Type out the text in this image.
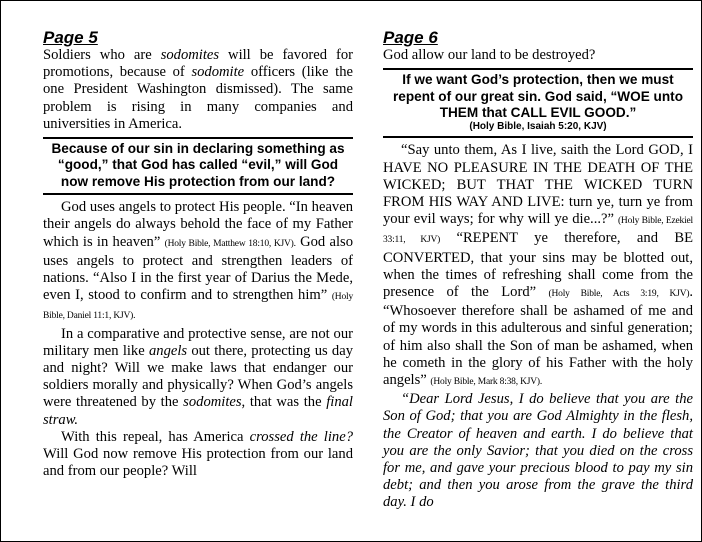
Page 5

Soldiers who are sodomites will be favored for promotions, because of sodomite officers (like the one President Washington dismissed). The same problem is rising in many companies and universities in America.

Because of our sin in declaring something as “good,” that God has called “evil,” will God now remove His protection from our land?

God uses angels to protect His people. “In heaven their angels do always behold the face of my Father which is in heaven” (Holy Bible, Matthew 18:10, KJV). God also uses angels to protect and strengthen leaders of nations. “Also I in the first year of Darius the Mede, even I, stood to confirm and to strengthen him” (Holy Bible, Daniel 11:1, KJV).

In a comparative and protective sense, are not our military men like angels out there, protecting us day and night? Will we make laws that endanger our soldiers morally and physically? When God’s angels were threatened by the sodomites, that was the final straw.

With this repeal, has America crossed the line? Will God now remove His protection from our land and from our people? Will

Page 6

God allow our land to be destroyed?

If we want God’s protection, then we must repent of our great sin. God said, “WOE unto THEM that CALL EVIL GOOD.”
(Holy Bible, Isaiah 5:20, KJV)

“Say unto them, As I live, saith the Lord GOD, I HAVE NO PLEASURE IN THE DEATH OF THE WICKED; BUT THAT THE WICKED TURN FROM HIS WAY AND LIVE: turn ye, turn ye from your evil ways; for why will ye die...?” (Holy Bible, Ezekiel 33:11, KJV) “REPENT ye therefore, and BE CONVERTED, that your sins may be blotted out, when the times of refreshing shall come from the presence of the Lord” (Holy Bible, Acts 3:19, KJV). “Whosoever therefore shall be ashamed of me and of my words in this adulterous and sinful generation; of him also shall the Son of man be ashamed, when he cometh in the glory of his Father with the holy angels” (Holy Bible, Mark 8:38, KJV).

“Dear Lord Jesus, I do believe that you are the Son of God; that you are God Almighty in the flesh, the Creator of heaven and earth. I do believe that you are the only Savior; that you died on the cross for me, and gave your precious blood to pay my sin debt; and then you arose from the grave the third day. I do
